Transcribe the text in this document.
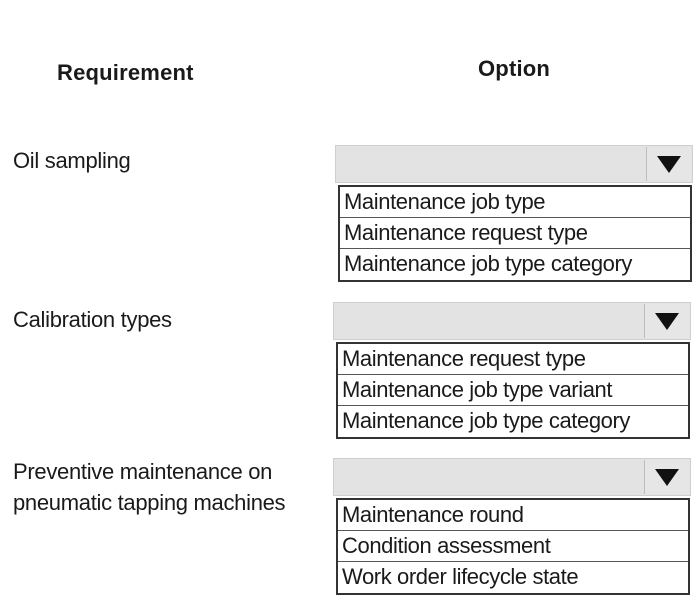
Requirement	Option
Oil sampling
Maintenance job type
Maintenance request type
Maintenance job type category
Calibration types
Maintenance request type
Maintenance job type variant
Maintenance job type category
Preventive maintenance on
pneumatic tapping machines	Maintenance round
Condition assessment
Work order lifecycle state
